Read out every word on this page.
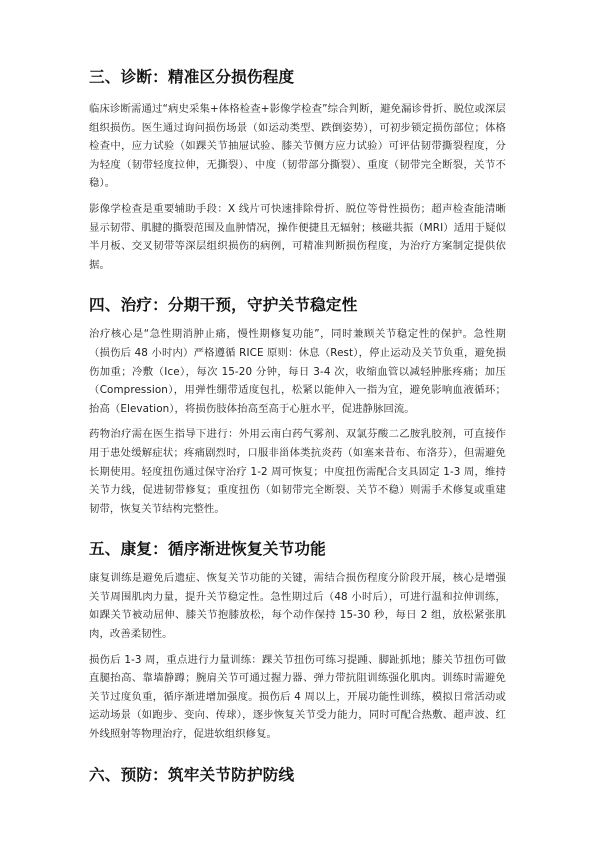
三、诊断：精准区分损伤程度

临床诊断需通过“病史采集+体格检查+影像学检查”综合判断，避免漏诊骨折、脱位或深层组织损伤。医生通过询问损伤场景（如运动类型、跌倒姿势），可初步锁定损伤部位；体格检查中，应力试验（如踝关节抽屉试验、膝关节侧方应力试验）可评估韧带撕裂程度，分为轻度（韧带轻度拉伸，无撕裂）、中度（韧带部分撕裂）、重度（韧带完全断裂，关节不稳）。

影像学检查是重要辅助手段：X 线片可快速排除骨折、脱位等骨性损伤；超声检查能清晰显示韧带、肌腱的撕裂范围及血肿情况，操作便捷且无辐射；核磁共振（MRI）适用于疑似半月板、交叉韧带等深层组织损伤的病例，可精准判断损伤程度，为治疗方案制定提供依据。

四、治疗：分期干预，守护关节稳定性

治疗核心是“急性期消肿止痛，慢性期修复功能”，同时兼顾关节稳定性的保护。急性期（损伤后 48 小时内）严格遵循 RICE 原则：休息（Rest），停止运动及关节负重，避免损伤加重；冷敷（Ice），每次 15-20 分钟，每日 3-4 次，收缩血管以减轻肿胀疼痛；加压（Compression），用弹性绷带适度包扎，松紧以能伸入一指为宜，避免影响血液循环；抬高（Elevation），将损伤肢体抬高至高于心脏水平，促进静脉回流。

药物治疗需在医生指导下进行：外用云南白药气雾剂、双氯芬酸二乙胺乳胶剂，可直接作用于患处缓解症状；疼痛剧烈时，口服非甾体类抗炎药（如塞来昔布、布洛芬），但需避免长期使用。轻度扭伤通过保守治疗 1-2 周可恢复；中度扭伤需配合支具固定 1-3 周，维持关节力线，促进韧带修复；重度扭伤（如韧带完全断裂、关节不稳）则需手术修复或重建韧带，恢复关节结构完整性。

五、康复：循序渐进恢复关节功能

康复训练是避免后遗症、恢复关节功能的关键，需结合损伤程度分阶段开展，核心是增强关节周围肌肉力量，提升关节稳定性。急性期过后（48 小时后），可进行温和拉伸训练，如踝关节被动屈伸、膝关节抱膝放松，每个动作保持 15-30 秒，每日 2 组，放松紧张肌肉，改善柔韧性。

损伤后 1-3 周，重点进行力量训练：踝关节扭伤可练习提踵、脚趾抓地；膝关节扭伤可做直腿抬高、靠墙静蹲；腕肩关节可通过握力器、弹力带抗阻训练强化肌肉。训练时需避免关节过度负重，循序渐进增加强度。损伤后 4 周以上，开展功能性训练，模拟日常活动或运动场景（如跑步、变向、传球），逐步恢复关节受力能力，同时可配合热敷、超声波、红外线照射等物理治疗，促进软组织修复。

六、预防：筑牢关节防护防线
